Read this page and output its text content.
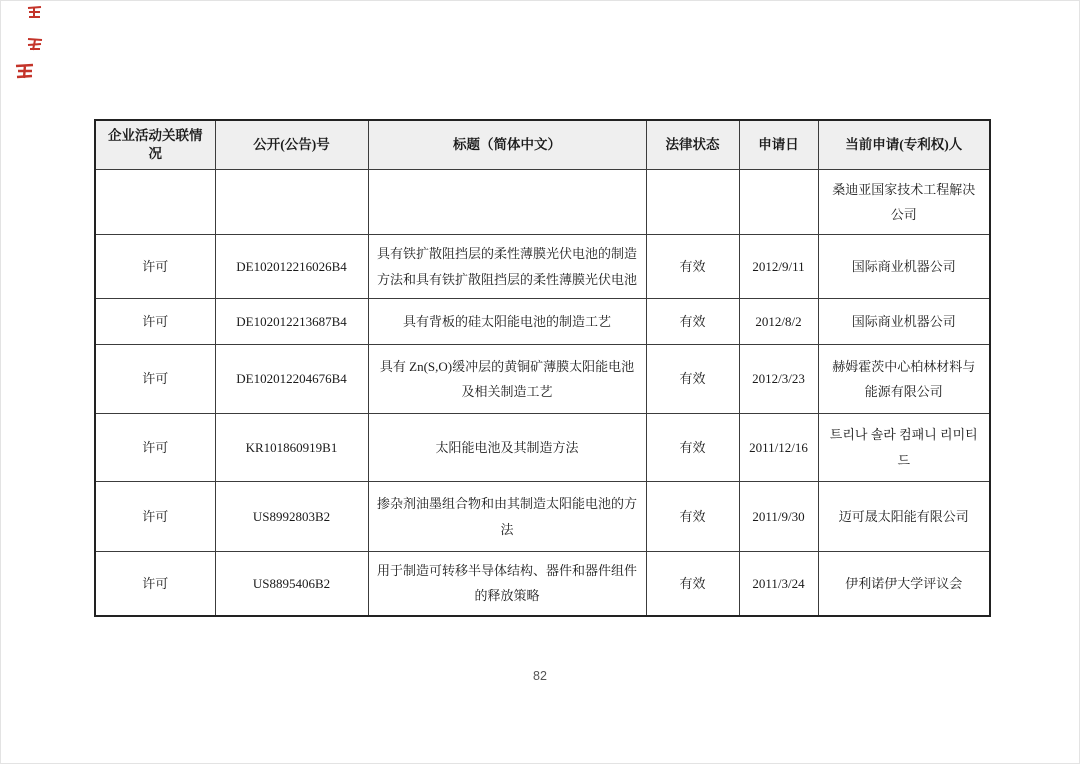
企业活动关联情况	公开(公告)号	标题（简体中文）	法律状态	申请日	当前申请(专利权)人
					桑迪亚国家技术工程解决公司
许可	DE102012216026B4	具有铁扩散阻挡层的柔性薄膜光伏电池的制造方法和具有铁扩散阻挡层的柔性薄膜光伏电池	有效	2012/9/11	国际商业机器公司
许可	DE102012213687B4	具有背板的硅太阳能电池的制造工艺	有效	2012/8/2	国际商业机器公司
许可	DE102012204676B4	具有 Zn(S,O)缓冲层的黄铜矿薄膜太阳能电池及相关制造工艺	有效	2012/3/23	赫姆霍茨中心柏林材料与能源有限公司
许可	KR101860919B1	太阳能电池及其制造方法	有效	2011/12/16	트리나 솔라 컴패니 리미티드
许可	US8992803B2	掺杂剂油墨组合物和由其制造太阳能电池的方法	有效	2011/9/30	迈可晟太阳能有限公司
许可	US8895406B2	用于制造可转移半导体结构、器件和器件组件的释放策略	有效	2011/3/24	伊利诺伊大学评议会
82
